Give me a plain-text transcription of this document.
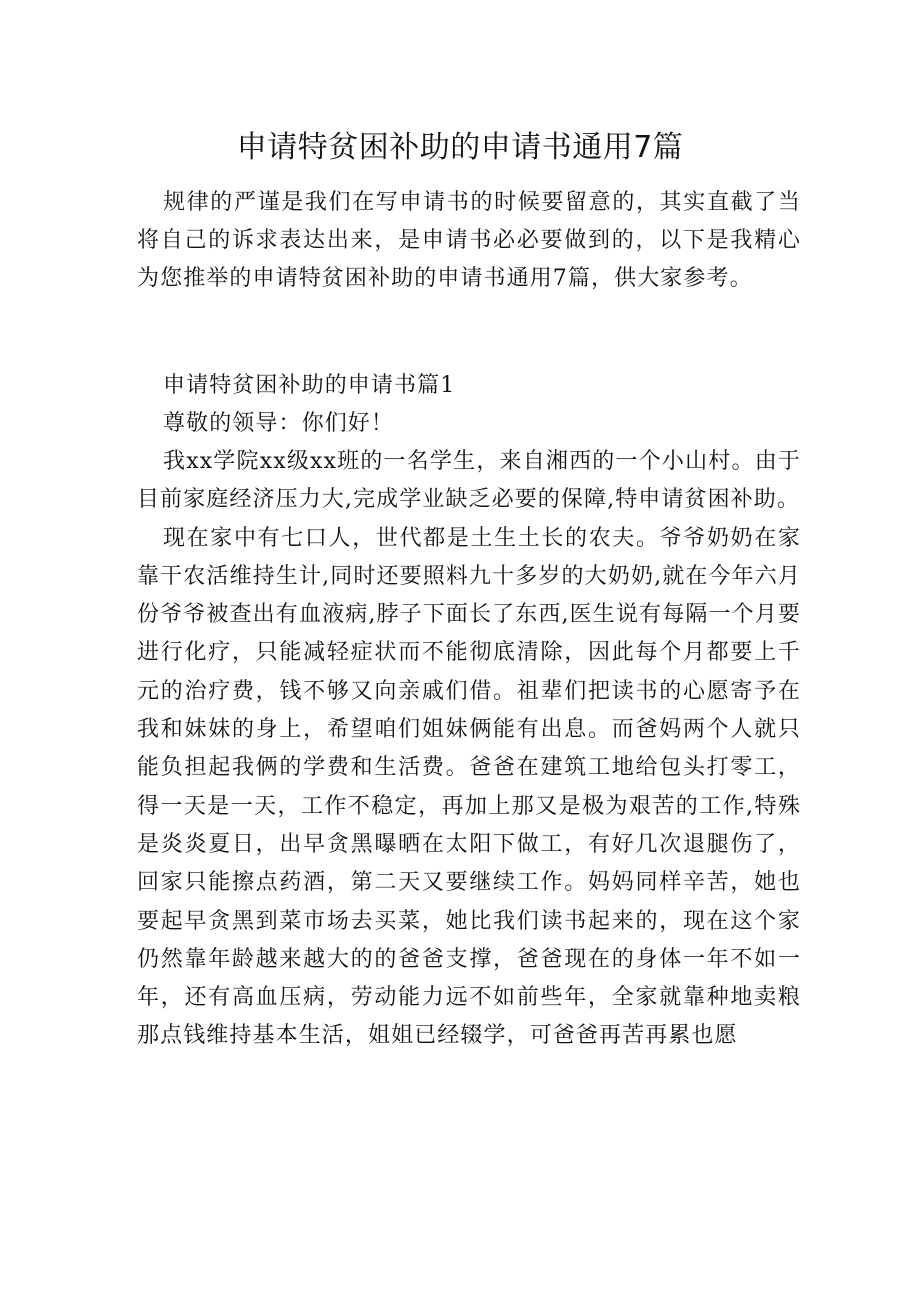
申请特贫困补助的申请书通用7篇

规律的严谨是我们在写申请书的时候要留意的，其实直截了当将自己的诉求表达出来，是申请书必必要做到的，以下是我精心为您推举的申请特贫困补助的申请书通用7篇，供大家参考。

申请特贫困补助的申请书篇1

尊敬的领导：你们好！

我xx学院xx级xx班的一名学生，来自湘西的一个小山村。由于目前家庭经济压力大,完成学业缺乏必要的保障,特申请贫困补助。

现在家中有七口人，世代都是土生土长的农夫。爷爷奶奶在家靠干农活维持生计,同时还要照料九十多岁的大奶奶,就在今年六月份爷爷被查出有血液病,脖子下面长了东西,医生说有每隔一个月要进行化疗，只能减轻症状而不能彻底清除，因此每个月都要上千元的治疗费，钱不够又向亲戚们借。祖辈们把读书的心愿寄予在我和妹妹的身上，希望咱们姐妹俩能有出息。而爸妈两个人就只能负担起我俩的学费和生活费。爸爸在建筑工地给包头打零工，得一天是一天，工作不稳定，再加上那又是极为艰苦的工作,特殊是炎炎夏日，出早贪黑曝晒在太阳下做工，有好几次退腿伤了，回家只能擦点药酒，第二天又要继续工作。妈妈同样辛苦，她也要起早贪黑到菜市场去买菜，她比我们读书起来的，现在这个家仍然靠年龄越来越大的的爸爸支撑，爸爸现在的身体一年不如一年，还有高血压病，劳动能力远不如前些年，全家就靠种地卖粮那点钱维持基本生活，姐姐已经辍学，可爸爸再苦再累也愿
